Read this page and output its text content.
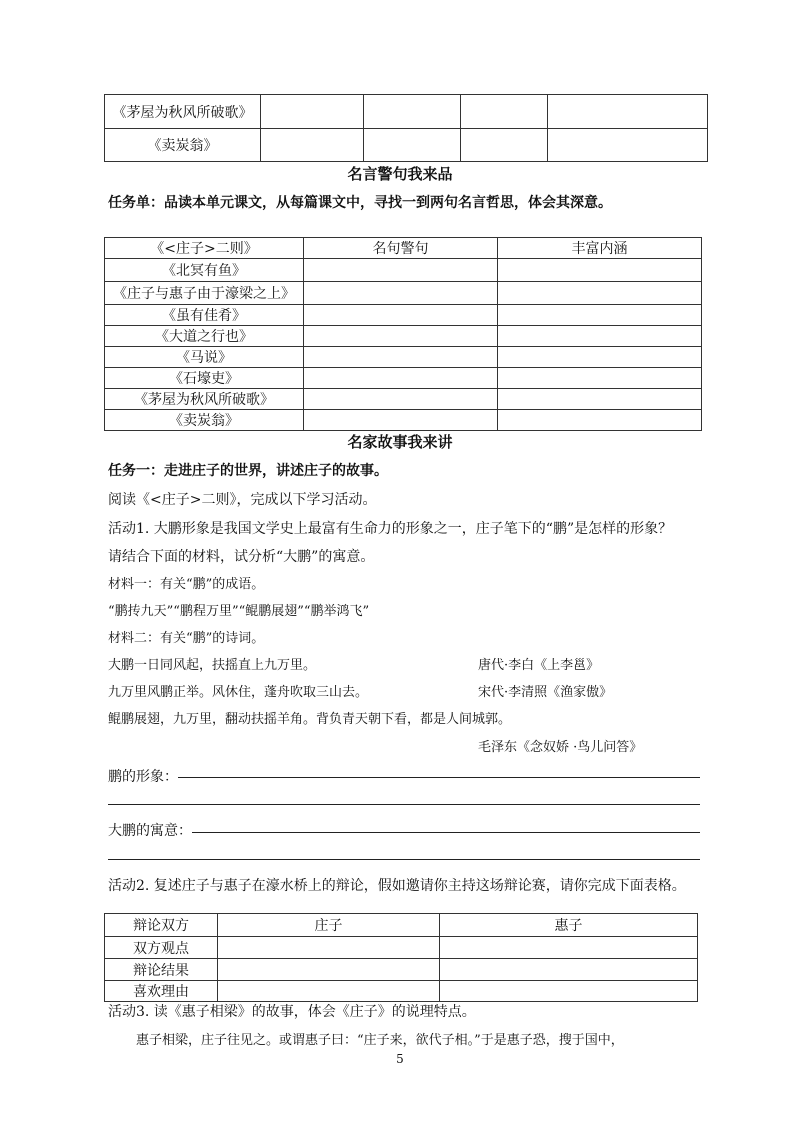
《茅屋为秋风所破歌》				
《卖炭翁》				
名言警句我来品
任务单：品读本单元课文，从每篇课文中，寻找一到两句名言哲思，体会其深意。
《<庄子>二则》	名句警句	丰富内涵
《北冥有鱼》		
《庄子与惠子由于濠梁之上》		
《虽有佳肴》		
《大道之行也》		
《马说》		
《石壕吏》		
《茅屋为秋风所破歌》		
《卖炭翁》		
名家故事我来讲
任务一：走进庄子的世界，讲述庄子的故事。
阅读《<庄子>二则》，完成以下学习活动。
活动1. 大鹏形象是我国文学史上最富有生命力的形象之一，庄子笔下的“鹏”是怎样的形象？
请结合下面的材料，试分析“大鹏”的寓意。
材料一：有关“鹏”的成语。
“鹏抟九天”“鹏程万里”“鲲鹏展翅”“鹏举鸿飞”
材料二：有关“鹏”的诗词。
大鹏一日同风起，扶摇直上九万里。	唐代·李白《上李邕》
九万里风鹏正举。风休住，蓬舟吹取三山去。	宋代·李清照《渔家傲》
鲲鹏展翅，九万里，翻动扶摇羊角。背负青天朝下看，都是人间城郭。
毛泽东《念奴娇 ·鸟儿问答》
鹏的形象：
大鹏的寓意：
活动2. 复述庄子与惠子在濠水桥上的辩论，假如邀请你主持这场辩论赛，请你完成下面表格。
辩论双方	庄子	惠子
双方观点		
辩论结果		
喜欢理由		
活动3. 读《惠子相梁》的故事，体会《庄子》的说理特点。
惠子相梁，庄子往见之。或谓惠子曰：“庄子来，欲代子相。”于是惠子恐，搜于国中，
5
